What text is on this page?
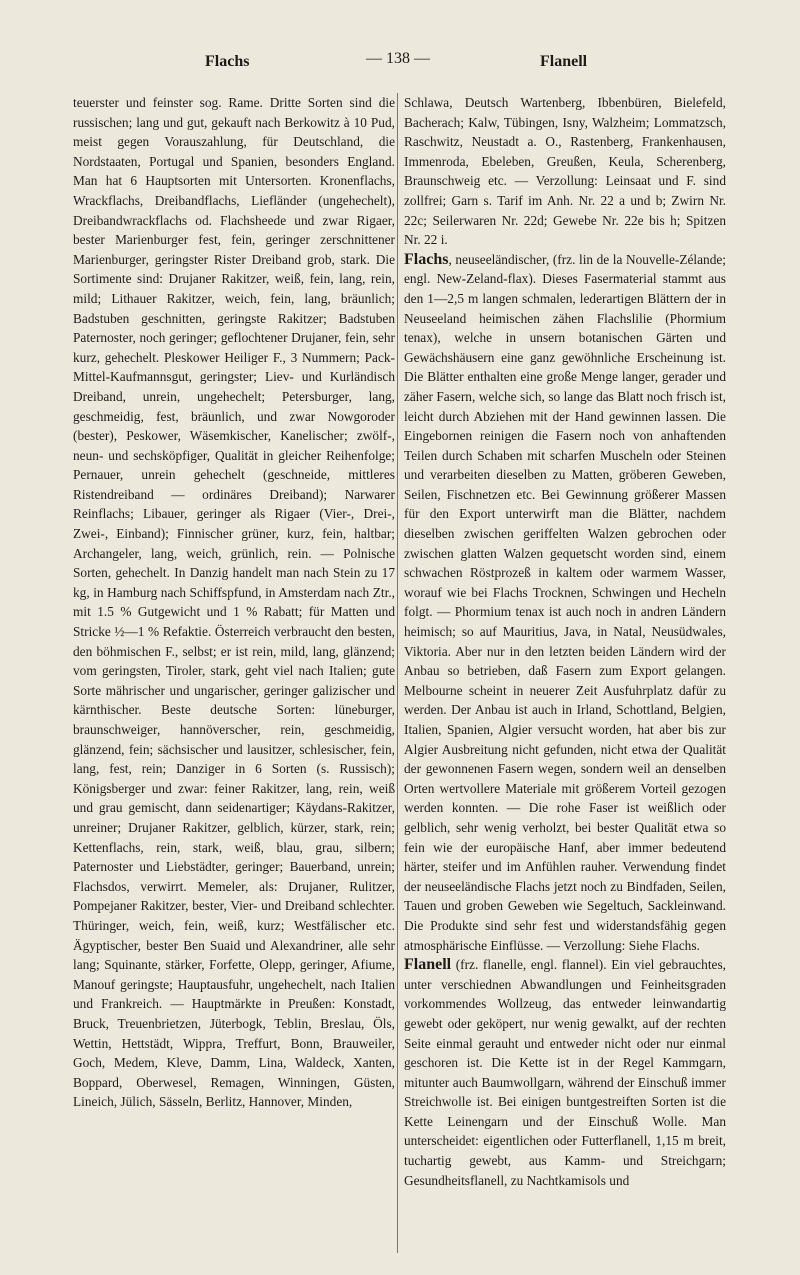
Flachs	— 138 —	Flanell

teuerster und feinster sog. Rame. Dritte Sorten sind die russischen; lang und gut, gekauft nach Berkowitz à 10 Pud, meist gegen Vorauszahlung, für Deutschland, die Nordstaaten, Portugal und Spanien, besonders England. Man hat 6 Hauptsorten mit Untersorten. Kronenflachs, Wrackflachs, Dreibandflachs, Liefländer (ungehechelt), Dreibandwrackflachs od. Flachsheede und zwar Rigaer, bester Marienburger fest, fein, geringer zerschnittener Marienburger, geringster Rister Dreiband grob, stark. Die Sortimente sind: Drujaner Rakitzer, weiß, fein, lang, rein, mild; Lithauer Rakitzer, weich, fein, lang, bräunlich; Badstuben geschnitten, geringste Rakitzer; Badstuben Paternoster, noch geringer; geflochtener Drujaner, fein, sehr kurz, gehechelt. Pleskower Heiliger F., 3 Nummern; Pack-Mittel-Kaufmannsgut, geringster; Liev- und Kurländisch Dreiband, unrein, ungehechelt; Petersburger, lang, geschmeidig, fest, bräunlich, und zwar Nowgoroder (bester), Peskower, Wäsemkischer, Kanelischer; zwölf-, neun- und sechsköpfiger, Qualität in gleicher Reihenfolge; Pernauer, unrein gehechelt (geschneide, mittleres Ristendreiband — ordinäres Dreiband); Narwarer Reinflachs; Libauer, geringer als Rigaer (Vier-, Drei-, Zwei-, Einband); Finnischer grüner, kurz, fein, haltbar; Archangeler, lang, weich, grünlich, rein. — Polnische Sorten, gehechelt. In Danzig handelt man nach Stein zu 17 kg, in Hamburg nach Schiffspfund, in Amsterdam nach Ztr., mit 1.5 % Gutgewicht und 1 % Rabatt; für Matten und Stricke ½—1 % Refaktie. Österreich verbraucht den besten, den böhmischen F., selbst; er ist rein, mild, lang, glänzend; vom geringsten, Tiroler, stark, geht viel nach Italien; gute Sorte mährischer und ungarischer, geringer galizischer und kärnthischer. Beste deutsche Sorten: lüneburger, braunschweiger, hannöverscher, rein, geschmeidig, glänzend, fein; sächsischer und lausitzer, schlesischer, fein, lang, fest, rein; Danziger in 6 Sorten (s. Russisch); Königsberger und zwar: feiner Rakitzer, lang, rein, weiß und grau gemischt, dann seidenartiger; Käydans-Rakitzer, unreiner; Drujaner Rakitzer, gelblich, kürzer, stark, rein; Kettenflachs, rein, stark, weiß, blau, grau, silbern; Paternoster und Liebstädter, geringer; Bauerband, unrein; Flachsdos, verwirrt. Memeler, als: Drujaner, Rulitzer, Pompejaner Rakitzer, bester, Vier- und Dreiband schlechter. Thüringer, weich, fein, weiß, kurz; Westfälischer etc. Ägyptischer, bester Ben Suaid und Alexandriner, alle sehr lang; Squinante, stärker, Forfette, Olepp, geringer, Afiume, Manouf geringste; Hauptausfuhr, ungehechelt, nach Italien und Frankreich. — Hauptmärkte in Preußen: Konstadt, Bruck, Treuenbrietzen, Jüterbogk, Teblin, Breslau, Öls, Wettin, Hettstädt, Wippra, Treffurt, Bonn, Brauweiler, Goch, Medem, Kleve, Damm, Lina, Waldeck, Xanten, Boppard, Oberwesel, Remagen, Winningen, Güsten, Lineich, Jülich, Sässeln, Berlitz, Hannover, Minden,

Schlawa, Deutsch Wartenberg, Ibbenbüren, Bielefeld, Bacherach; Kalw, Tübingen, Isny, Walzheim; Lommatzsch, Raschwitz, Neustadt a. O., Rastenberg, Frankenhausen, Immenroda, Ebeleben, Greußen, Keula, Scherenberg, Braunschweig etc. — Verzollung: Leinsaat und F. sind zollfrei; Garn s. Tarif im Anh. Nr. 22 a und b; Zwirn Nr. 22c; Seilerwaren Nr. 22d; Gewebe Nr. 22e bis h; Spitzen Nr. 22 i.

Flachs, neuseeländischer, (frz. lin de la Nouvelle-Zélande; engl. New-Zeland-flax). Dieses Fasermaterial stammt aus den 1—2,5 m langen schmalen, lederartigen Blättern der in Neuseeland heimischen zähen Flachslilie (Phormium tenax), welche in unsern botanischen Gärten und Gewächshäusern eine ganz gewöhnliche Erscheinung ist. Die Blätter enthalten eine große Menge langer, gerader und zäher Fasern, welche sich, so lange das Blatt noch frisch ist, leicht durch Abziehen mit der Hand gewinnen lassen. Die Eingebornen reinigen die Fasern noch von anhaftenden Teilen durch Schaben mit scharfen Muscheln oder Steinen und verarbeiten dieselben zu Matten, gröberen Geweben, Seilen, Fischnetzen etc. Bei Gewinnung größerer Massen für den Export unterwirft man die Blätter, nachdem dieselben zwischen geriffelten Walzen gebrochen oder zwischen glatten Walzen gequetscht worden sind, einem schwachen Röstprozeß in kaltem oder warmem Wasser, worauf wie bei Flachs Trocknen, Schwingen und Hecheln folgt. — Phormium tenax ist auch noch in andren Ländern heimisch; so auf Mauritius, Java, in Natal, Neusüdwales, Viktoria. Aber nur in den letzten beiden Ländern wird der Anbau so betrieben, daß Fasern zum Export gelangen. Melbourne scheint in neuerer Zeit Ausfuhrplatz dafür zu werden. Der Anbau ist auch in Irland, Schottland, Belgien, Italien, Spanien, Algier versucht worden, hat aber bis zur Algier Ausbreitung nicht gefunden, nicht etwa der Qualität der gewonnenen Fasern wegen, sondern weil an denselben Orten wertvollere Materiale mit größerem Vorteil gezogen werden konnten. — Die rohe Faser ist weißlich oder gelblich, sehr wenig verholzt, bei bester Qualität etwa so fein wie der europäische Hanf, aber immer bedeutend härter, steifer und im Anfühlen rauher. Verwendung findet der neuseeländische Flachs jetzt noch zu Bindfaden, Seilen, Tauen und groben Geweben wie Segeltuch, Sackleinwand. Die Produkte sind sehr fest und widerstandsfähig gegen atmosphärische Einflüsse. — Verzollung: Siehe Flachs.

Flanell (frz. flanelle, engl. flannel). Ein viel gebrauchtes, unter verschiednen Abwandlungen und Feinheitsgraden vorkommendes Wollzeug, das entweder leinwandartig gewebt oder geköpert, nur wenig gewalkt, auf der rechten Seite einmal gerauht und entweder nicht oder nur einmal geschoren ist. Die Kette ist in der Regel Kammgarn, mitunter auch Baumwollgarn, während der Einschuß immer Streichwolle ist. Bei einigen buntgestreiften Sorten ist die Kette Leinengarn und der Einschuß Wolle. Man unterscheidet: eigentlichen oder Futterflanell, 1,15 m breit, tuchartig gewebt, aus Kamm- und Streichgarn; Gesundheitsflanell, zu Nachtkamisols und
